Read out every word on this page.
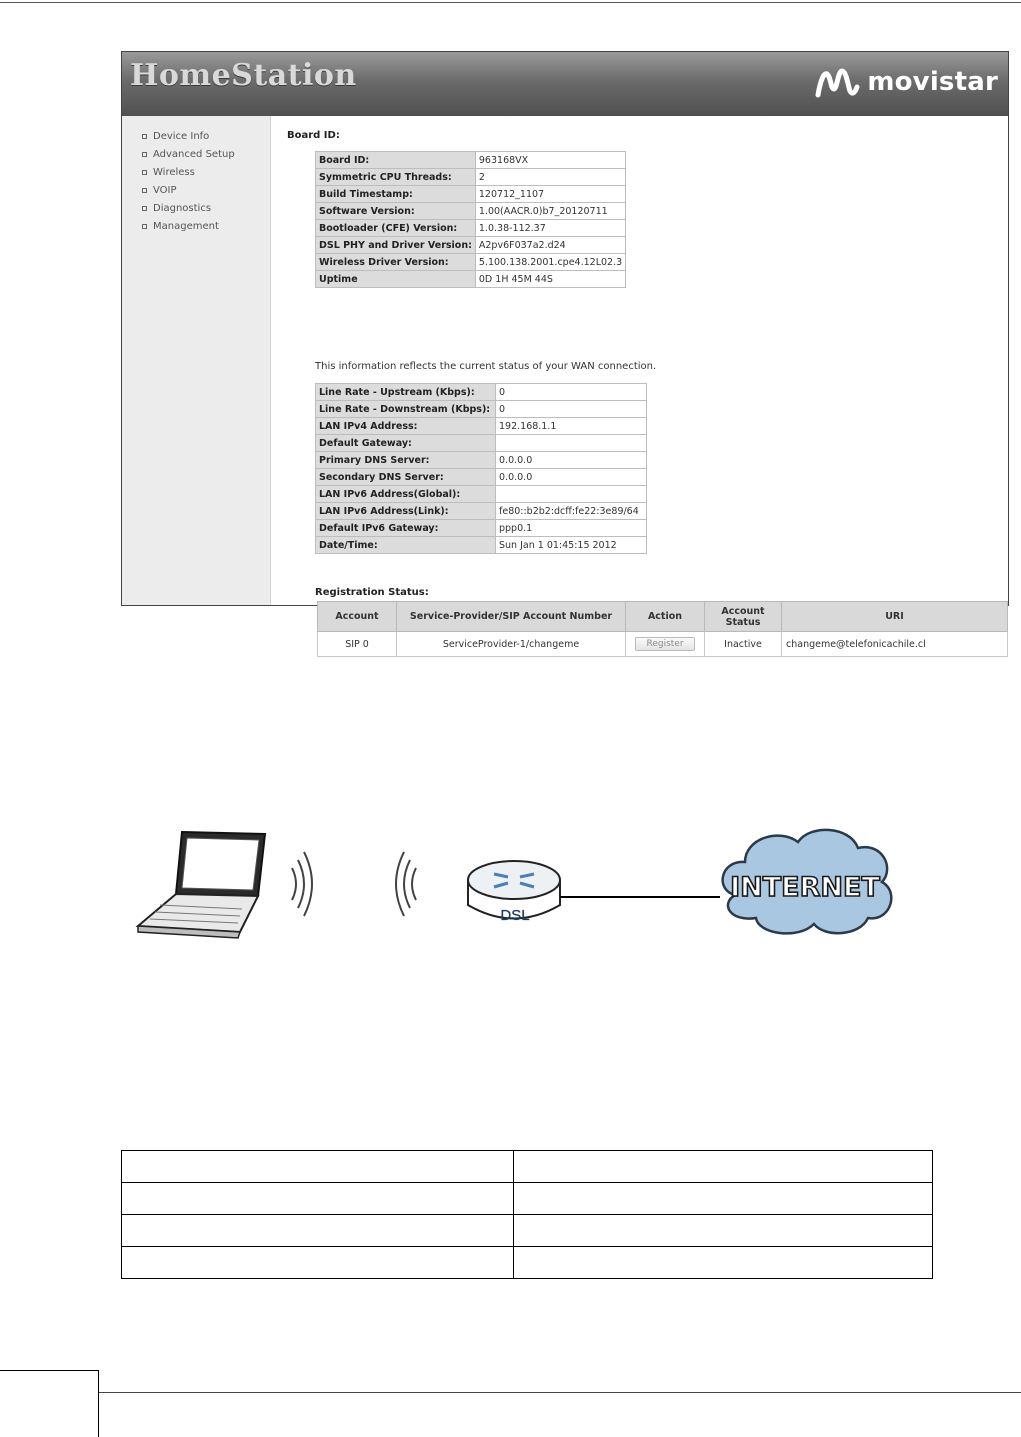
HomeStation	movistar
Device Info
Advanced Setup
Wireless
VOIP
Diagnostics
Management
Board ID:
Board ID:	963168VX
Symmetric CPU Threads:	2
Build Timestamp:	120712_1107
Software Version:	1.00(AACR.0)b7_20120711
Bootloader (CFE) Version:	1.0.38-112.37
DSL PHY and Driver Version:	A2pv6F037a2.d24
Wireless Driver Version:	5.100.138.2001.cpe4.12L02.3
Uptime	0D 1H 45M 44S
This information reflects the current status of your WAN connection.
Line Rate - Upstream (Kbps):	0
Line Rate - Downstream (Kbps):	0
LAN IPv4 Address:	192.168.1.1
Default Gateway:	
Primary DNS Server:	0.0.0.0
Secondary DNS Server:	0.0.0.0
LAN IPv6 Address(Global):	
LAN IPv6 Address(Link):	fe80::b2b2:dcff:fe22:3e89/64
Default IPv6 Gateway:	ppp0.1
Date/Time:	Sun Jan 1 01:45:15 2012
Registration Status:
Account	Service-Provider/SIP Account Number	Action	Account Status	URI
SIP 0	ServiceProvider-1/changeme	Register	Inactive	changeme@telefonicachile.cl
DSL
INTERNET
